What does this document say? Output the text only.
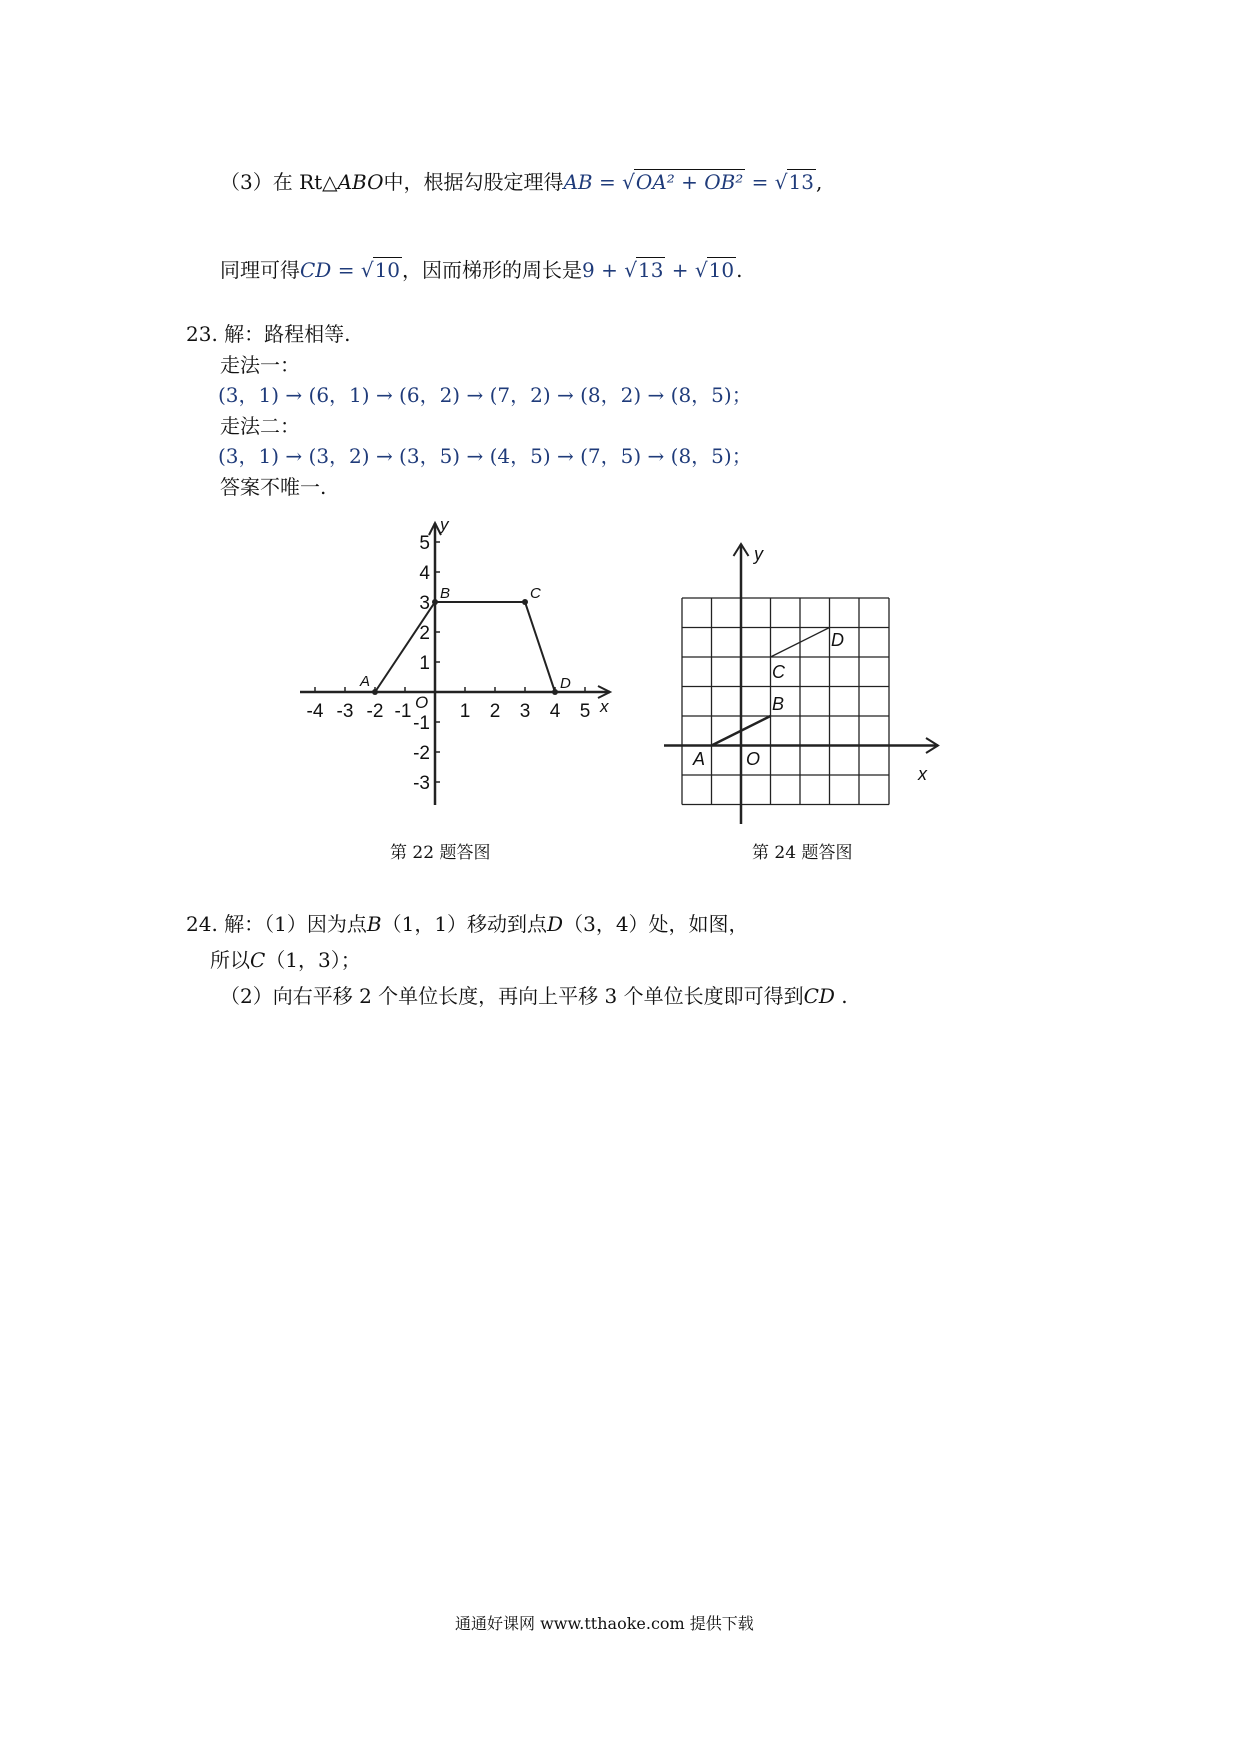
（3）在 Rt△ABO中，根据勾股定理得AB = √OA² + OB² = √13 ,
同理可得CD = √10 ，因而梯形的周长是9 + √13 + √10 .
23. 解：路程相等.
走法一：
(3，1) → (6，1) → (6，2) → (7，2) → (8，2) → (8，5)；
走法二：
(3，1) → (3，2) → (3，5) → (4，5) → (7，5) → (8，5)；
答案不唯一.
-4 -3 -2 -1	1 2 3 4 5
5
4
3
2
1
-1
-2
-3
x
y
O
A
B	C
D
第 22 题答图
A
B
C
D
O
x
y
第 24 题答图
24. 解：（1）因为点B（1，1）移动到点D（3，4）处，如图，
所以C（1，3）；
（2）向右平移 2 个单位长度，再向上平移 3 个单位长度即可得到CD .
通通好课网 www.tthaoke.com 提供下载
